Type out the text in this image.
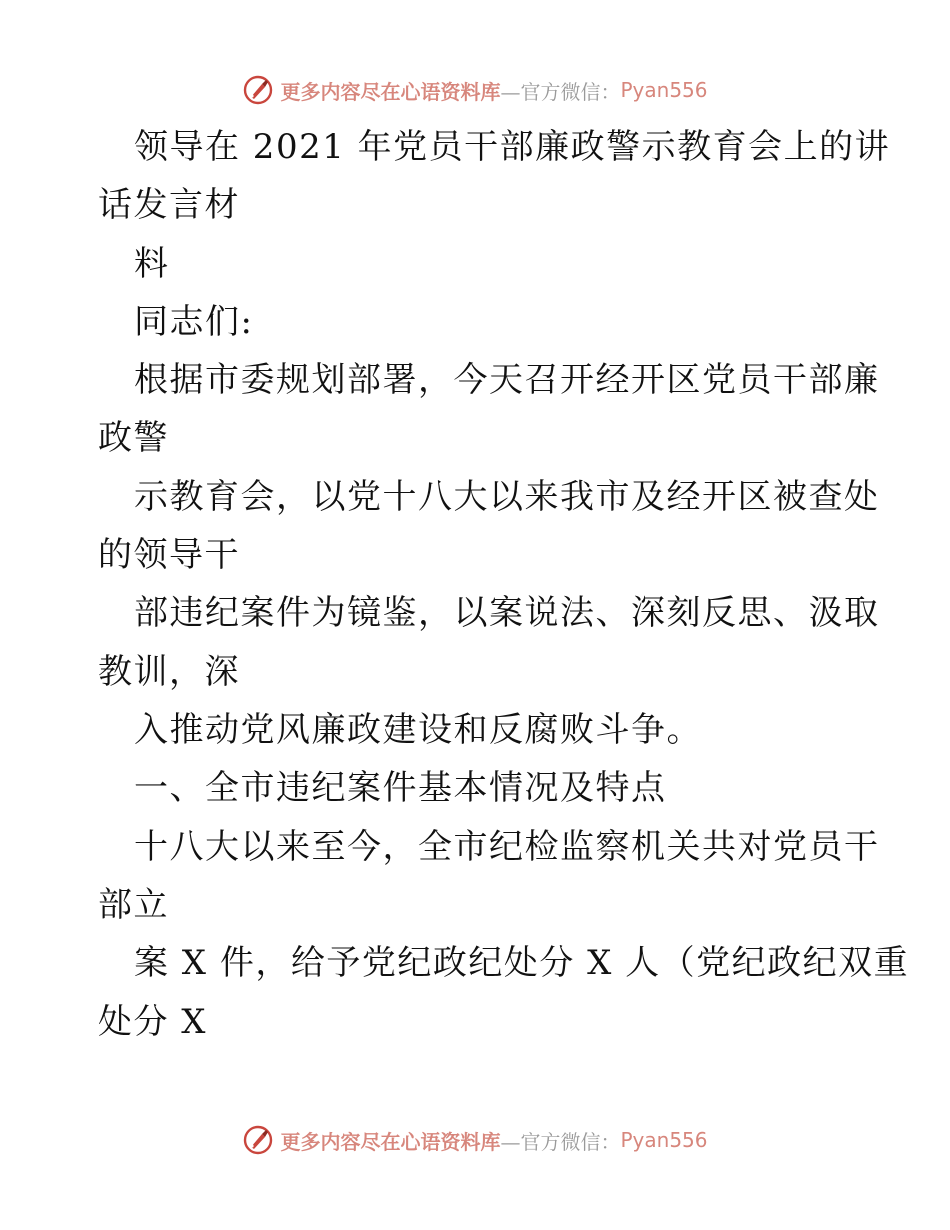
更多内容尽在心语资料库 —官方微信： Pyan556
领导在 2021 年党员干部廉政警示教育会上的讲
话发言材
料
同志们:
根据市委规划部署，今天召开经开区党员干部廉
政警
示教育会，以党十八大以来我市及经开区被查处
的领导干
部违纪案件为镜鉴，以案说法、深刻反思、汲取
教训，深
入推动党风廉政建设和反腐败斗争。
一、全市违纪案件基本情况及特点
十八大以来至今，全市纪检监察机关共对党员干
部立
案 X 件，给予党纪政纪处分 X 人（党纪政纪双重
处分 X
更多内容尽在心语资料库 —官方微信： Pyan556
